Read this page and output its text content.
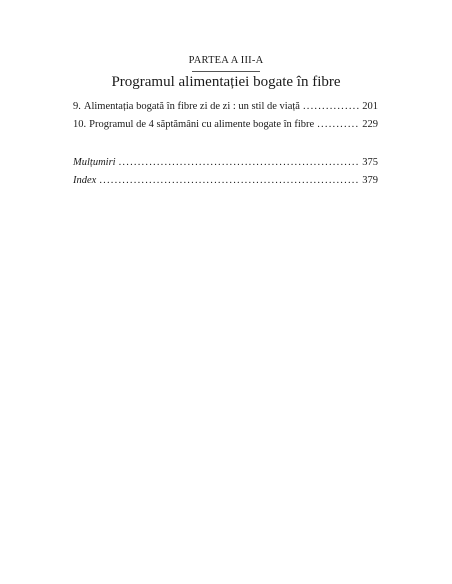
PARTEA A III-A
Programul alimentației bogate în fibre
9. Alimentația bogată în fibre zi de zi : un stil de viață .....	201
10. Programul de 4 săptămâni cu alimente bogate în fibre .....	229
Mulțumiri .....	375
Index .....	379
